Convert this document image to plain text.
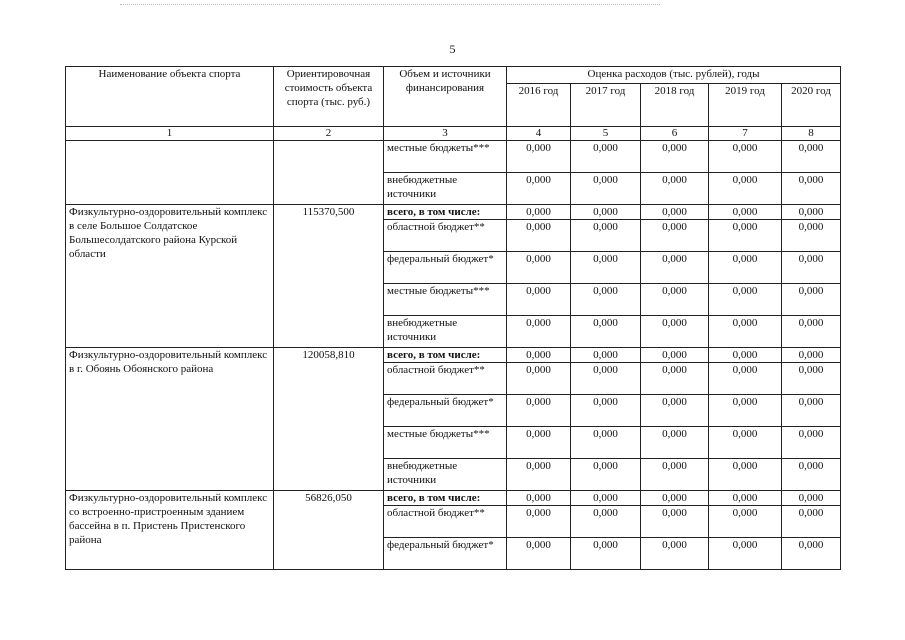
5
Наименование объекта спорта	Ориентировочная стоимость объекта спорта (тыс. руб.)	Объем и источники финансирования	Оценка расходов (тыс. рублей), годы				
			2016 год	2017 год	2018 год	2019 год	2020 год
1	2	3	4	5	6	7	8
		местные бюджеты***	0,000	0,000	0,000	0,000	0,000
		внебюджетные источники	0,000	0,000	0,000	0,000	0,000
Физкультурно-оздоровительный комплекс в селе Большое Солдатское Большесолдатского района Курской области	115370,500	всего, в том числе:	0,000	0,000	0,000	0,000	0,000
		областной бюджет**	0,000	0,000	0,000	0,000	0,000
		федеральный бюджет*	0,000	0,000	0,000	0,000	0,000
		местные бюджеты***	0,000	0,000	0,000	0,000	0,000
		внебюджетные источники	0,000	0,000	0,000	0,000	0,000
Физкультурно-оздоровительный комплекс в г. Обоянь Обоянского района	120058,810	всего, в том числе:	0,000	0,000	0,000	0,000	0,000
		областной бюджет**	0,000	0,000	0,000	0,000	0,000
		федеральный бюджет*	0,000	0,000	0,000	0,000	0,000
		местные бюджеты***	0,000	0,000	0,000	0,000	0,000
		внебюджетные источники	0,000	0,000	0,000	0,000	0,000
Физкультурно-оздоровительный комплекс со встроенно-пристроенным зданием бассейна в п. Пристень Пристенского района	56826,050	всего, в том числе:	0,000	0,000	0,000	0,000	0,000
		областной бюджет**	0,000	0,000	0,000	0,000	0,000
		федеральный бюджет*	0,000	0,000	0,000	0,000	0,000
